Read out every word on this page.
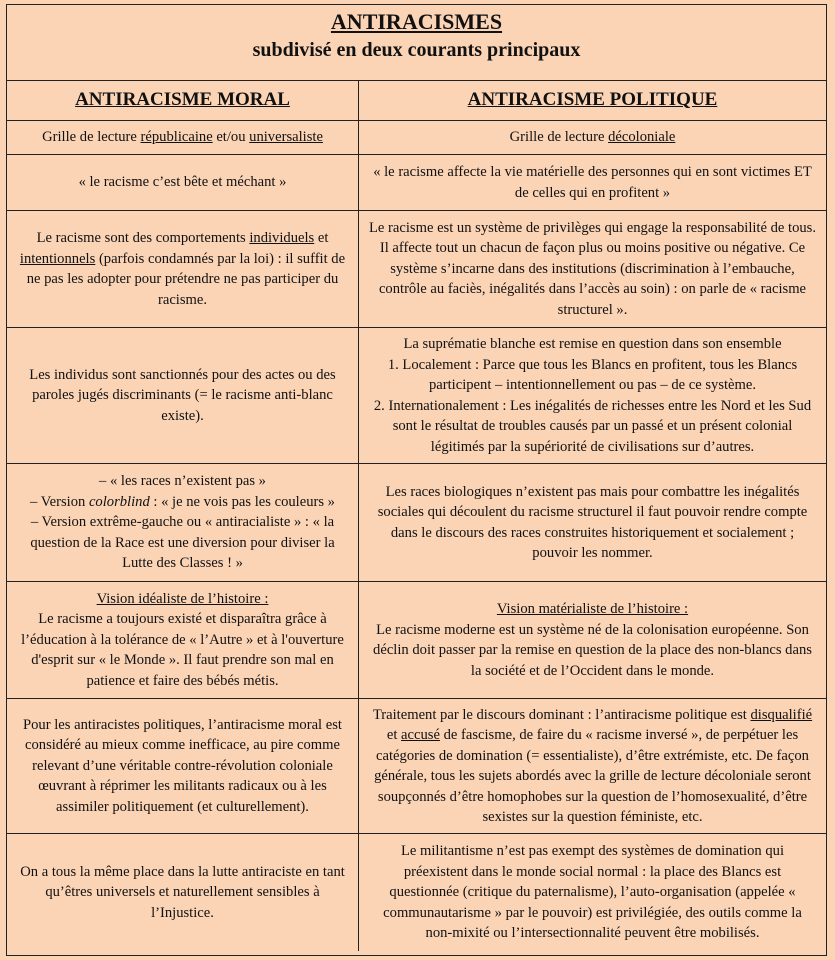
ANTIRACISMES
subdivisé en deux courants principaux
ANTIRACISME MORAL	ANTIRACISME POLITIQUE
Grille de lecture républicaine et/ou universaliste	Grille de lecture décoloniale
« le racisme c’est bête et méchant »
« le racisme affecte la vie matérielle des personnes qui en sont victimes ET de celles qui en profitent »
Le racisme sont des comportements individuels et intentionnels (parfois condamnés par la loi) : il suffit de ne pas les adopter pour prétendre ne pas participer du racisme.
Le racisme est un système de privilèges qui engage la responsabilité de tous. Il affecte tout un chacun de façon plus ou moins positive ou négative. Ce système s’incarne dans des institutions (discrimination à l’embauche, contrôle au faciès, inégalités dans l’accès au soin) : on parle de « racisme structurel ».
Les individus sont sanctionnés pour des actes ou des paroles jugés discriminants (= le racisme anti-blanc existe).
La suprématie blanche est remise en question dans son ensemble
1. Localement : Parce que tous les Blancs en profitent, tous les Blancs participent – intentionnellement ou pas – de ce système.
2. Internationalement : Les inégalités de richesses entre les Nord et les Sud sont le résultat de troubles causés par un passé et un présent colonial légitimés par la supériorité de civilisations sur d’autres.
– « les races n’existent pas »
– Version colorblind : « je ne vois pas les couleurs »
– Version extrême-gauche ou « antiracialiste » : « la question de la Race est une diversion pour diviser la Lutte des Classes ! »
Les races biologiques n’existent pas mais pour combattre les inégalités sociales qui découlent du racisme structurel il faut pouvoir rendre compte dans le discours des races construites historiquement et socialement ; pouvoir les nommer.
Vision idéaliste de l’histoire :
Le racisme a toujours existé et disparaîtra grâce à l’éducation à la tolérance de « l’Autre » et à l'ouverture d'esprit sur « le Monde ». Il faut prendre son mal en patience et faire des bébés métis.
Vision matérialiste de l’histoire :
Le racisme moderne est un système né de la colonisation européenne. Son déclin doit passer par la remise en question de la place des non-blancs dans la société et de l’Occident dans le monde.
Pour les antiracistes politiques, l’antiracisme moral est considéré au mieux comme inefficace, au pire comme relevant d’une véritable contre-révolution coloniale œuvrant à réprimer les militants radicaux ou à les assimiler politiquement (et culturellement).
Traitement par le discours dominant : l’antiracisme politique est disqualifié et accusé de fascisme, de faire du « racisme inversé », de perpétuer les catégories de domination (= essentialiste), d’être extrémiste, etc. De façon générale, tous les sujets abordés avec la grille de lecture décoloniale seront soupçonnés d’être homophobes sur la question de l’homosexualité, d’être sexistes sur la question féministe, etc.
On a tous la même place dans la lutte antiraciste en tant qu’êtres universels et naturellement sensibles à l’Injustice.
Le militantisme n’est pas exempt des systèmes de domination qui préexistent dans le monde social normal : la place des Blancs est questionnée (critique du paternalisme), l’auto-organisation (appelée « communautarisme » par le pouvoir) est privilégiée, des outils comme la non-mixité ou l’intersectionnalité peuvent être mobilisés.
